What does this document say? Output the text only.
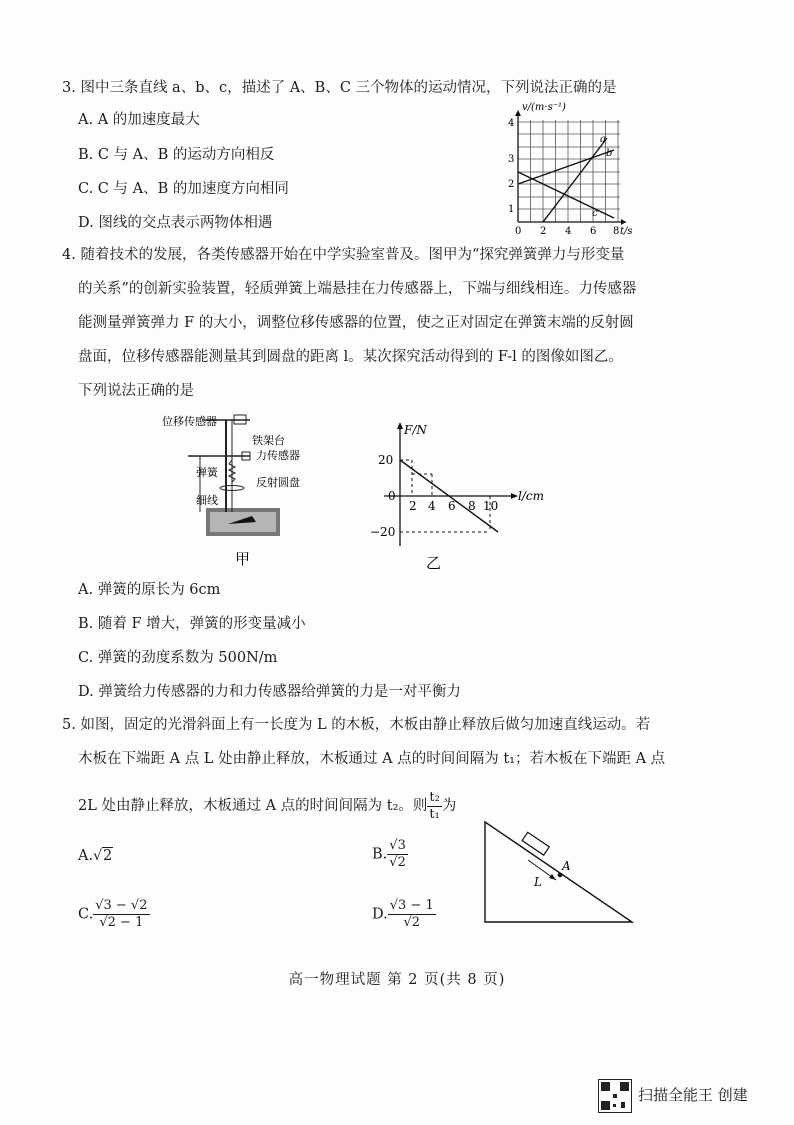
3. 图中三条直线 a、b、c，描述了 A、B、C 三个物体的运动情况，下列说法正确的是
A. A 的加速度最大
B. C 与 A、B 的运动方向相反
C. C 与 A、B 的加速度方向相同
D. 图线的交点表示两物体相遇
v/(m·s⁻¹)
t/s
1
2
3
4
0 2 4 6 8
a
b
c
4. 随着技术的发展，各类传感器开始在中学实验室普及。图甲为“探究弹簧弹力与形变量
的关系”的创新实验装置，轻质弹簧上端悬挂在力传感器上，下端与细线相连。力传感器
能测量弹簧弹力 F 的大小，调整位移传感器的位置，使之正对固定在弹簧末端的反射圆
盘面，位移传感器能测量其到圆盘的距离 l。某次探究活动得到的 F-l 的图像如图乙。
下列说法正确的是
位移传感器
铁架台
力传感器
弹簧
反射圆盘
细线
甲
F/N
l/cm
20
0
−20
2 4 6 8 10
乙
A. 弹簧的原长为 6cm
B. 随着 F 增大，弹簧的形变量减小
C. 弹簧的劲度系数为 500N/m
D. 弹簧给力传感器的力和力传感器给弹簧的力是一对平衡力
5. 如图，固定的光滑斜面上有一长度为 L 的木板，木板由静止释放后做匀加速直线运动。若
木板在下端距 A 点 L 处由静止释放，木板通过 A 点的时间间隔为 t₁；若木板在下端距 A 点
2L 处由静止释放，木板通过 A 点的时间间隔为 t₂。则 $\frac{\text{t₂}}{\text{t₁}}$ 为
A.√2	B. $\frac{√3}{√2}$
C. $\frac{√3 - √2}{√2 - 1}$	D. $\frac{√3 - 1}{√2}$
A
L
高一物理试题 第 2 页(共 8 页)
扫描全能王 创建
